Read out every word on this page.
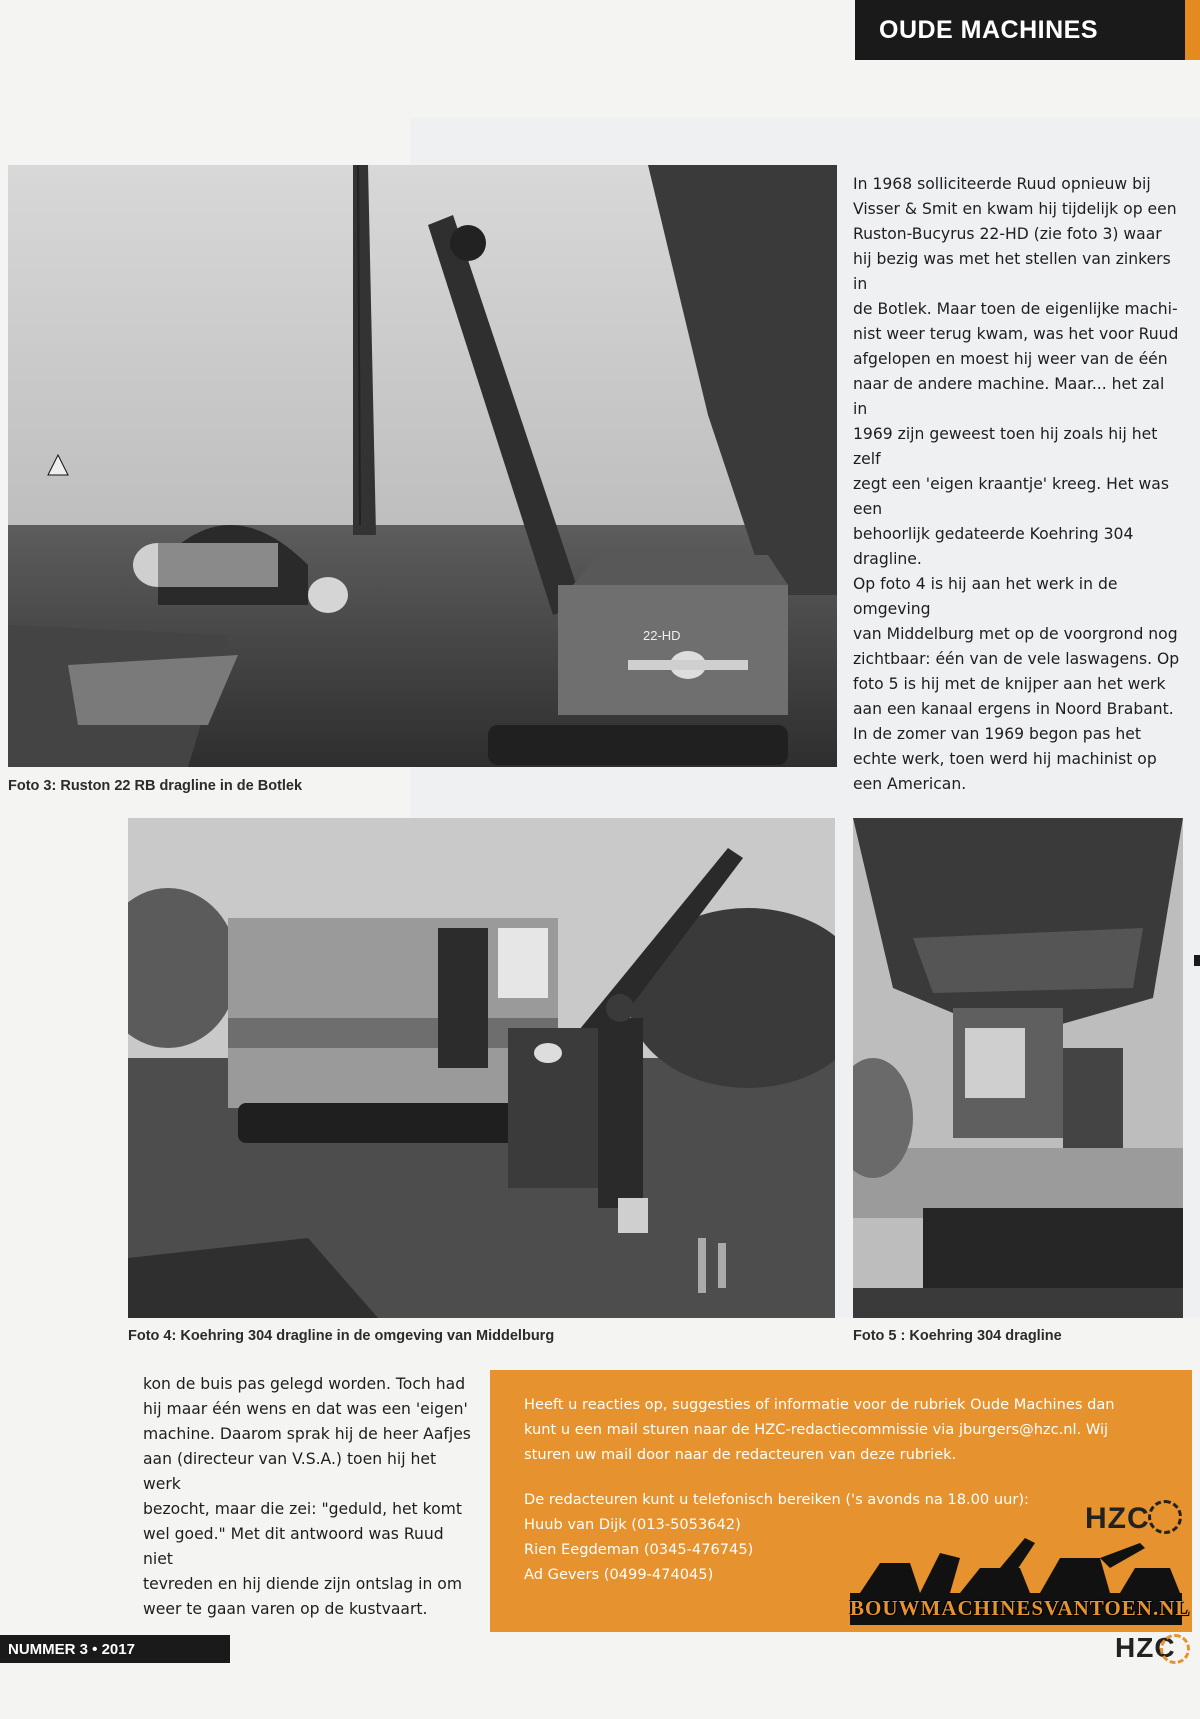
OUDE MACHINES
22-HD
Foto 3: Ruston 22 RB dragline in de Botlek
In 1968 solliciteerde Ruud opnieuw bij
Visser & Smit en kwam hij tijdelijk op een
Ruston-Bucyrus 22-HD (zie foto 3) waar
hij bezig was met het stellen van zinkers in
de Botlek. Maar toen de eigenlijke machi-
nist weer terug kwam, was het voor Ruud
afgelopen en moest hij weer van de één
naar de andere machine. Maar... het zal in
1969 zijn geweest toen hij zoals hij het zelf
zegt een 'eigen kraantje' kreeg. Het was een
behoorlijk gedateerde Koehring 304 dragline.
Op foto 4 is hij aan het werk in de omgeving
van Middelburg met op de voorgrond nog
zichtbaar: één van de vele laswagens. Op
foto 5 is hij met de knijper aan het werk
aan een kanaal ergens in Noord Brabant.
In de zomer van 1969 begon pas het
echte werk, toen werd hij machinist op
een American.
Foto 4: Koehring 304 dragline in de omgeving van Middelburg	Foto 5 : Koehring 304 dragline
kon de buis pas gelegd worden. Toch had
hij maar één wens en dat was een 'eigen'
machine. Daarom sprak hij de heer Aafjes
aan (directeur van V.S.A.) toen hij het werk
bezocht, maar die zei: "geduld, het komt
wel goed." Met dit antwoord was Ruud niet
tevreden en hij diende zijn ontslag in om
weer te gaan varen op de kustvaart.
Heeft u reacties op, suggesties of informatie voor de rubriek Oude Machines dan
kunt u een mail sturen naar de HZC-redactiecommissie via jburgers@hzc.nl. Wij
sturen uw mail door naar de redacteuren van deze rubriek.
De redacteuren kunt u telefonisch bereiken ('s avonds na 18.00 uur):
Huub van Dijk (013-5053642)
Rien Eegdeman (0345-476745)
Ad Gevers (0499-474045)
HZC
BOUWMACHINESVANTOEN.NL
NUMMER 3 • 2017	HZC
